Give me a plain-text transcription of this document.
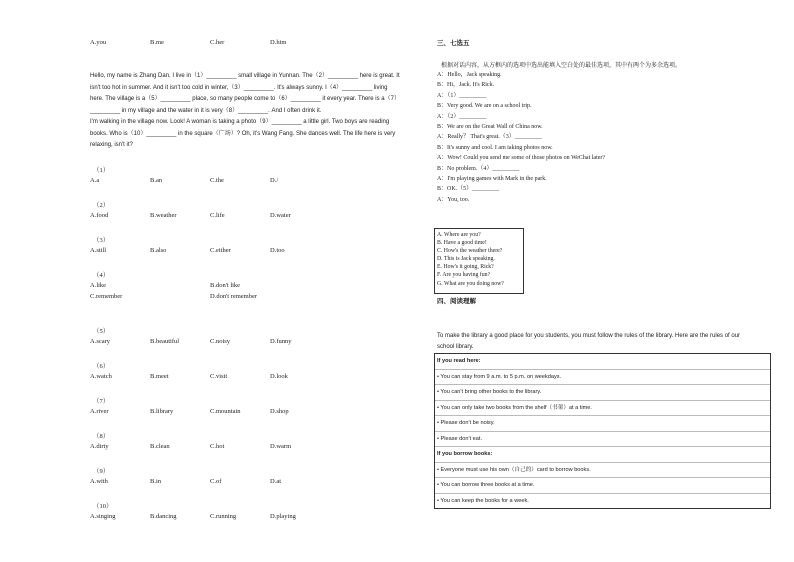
A.you	B.me	C.her	D.him
Hello, my name is Zhang Dan. I live in（1）_________ small village in Yunnan. The（2）_________ here is great. It
isn't too hot in summer. And it isn't too cold in winter,（3）_________. It's always sunny. I（4）_________ living
here. The village is a（5）_________ place, so many people come to（6）_________ it every year. There is a（7）
_________ in my village and the water in it is very（8）_________. And I often drink it.
I'm walking in the village now. Look! A woman is taking a photo（9）_________ a little girl. Two boys are reading
books. Who is（10）_________ in the square（广场）? Oh, it's Wang Fang. She dances well. The life here is very
relaxing, isn't it?
（1）
A.a	B.an	C.the	D./
（2）
A.food	B.weather	C.life	D.water
（3）
A.still	B.also	C.either	D.too
（4）
A.like	B.don't like
C.remember	D.don't remember
（5）
A.scary	B.beautiful	C.noisy	D.funny
（6）
A.watch	B.meet	C.visit	D.look
（7）
A.river	B.library	C.mountain	D.shop
（8）
A.dirty	B.clean	C.hot	D.warm
（9）
A.with	B.in	C.of	D.at
（10）
A.singing	B.dancing	C.running	D.playing
三、七选五
根据对话内容，从方框内的选项中选出能填入空白处的最佳选项，其中有两个为多余选项。
A：Hello，Jack speaking.
B：Hi，Jack. It's Rick.
A：（1）_________
B：Very good. We are on a school trip.
A：（2）_________
B：We are on the Great Wall of China now.
A：Really？ That's great.（3）_________
B：It's sunny and cool. I am taking photos now.
A：Wow! Could you send me some of those photos on WeChat later?
B：No problem.（4）_________
A：I'm playing games with Mark in the park.
B：OK.（5）_________
A：You, too.
A. Where are you?
B. Have a good time!
C. How's the weather there?
D. This is Jack speaking.
E. How's it going, Rick?
F. Are you having fun?
G. What are you doing now?
四、阅读理解
To make the library a good place for you students, you must follow the rules of the library. Here are the rules of our
school library.
If you read here:
• You can stay from 9 a.m. to 5 p.m. on weekdays.
• You can't bring other books to the library.
• You can only take two books from the shelf（书架）at a time.
• Please don't be noisy.
• Please don't eat.
If you borrow books:
• Everyone must use his own（自己的）card to borrow books.
• You can borrow three books at a time.
• You can keep the books for a week.
